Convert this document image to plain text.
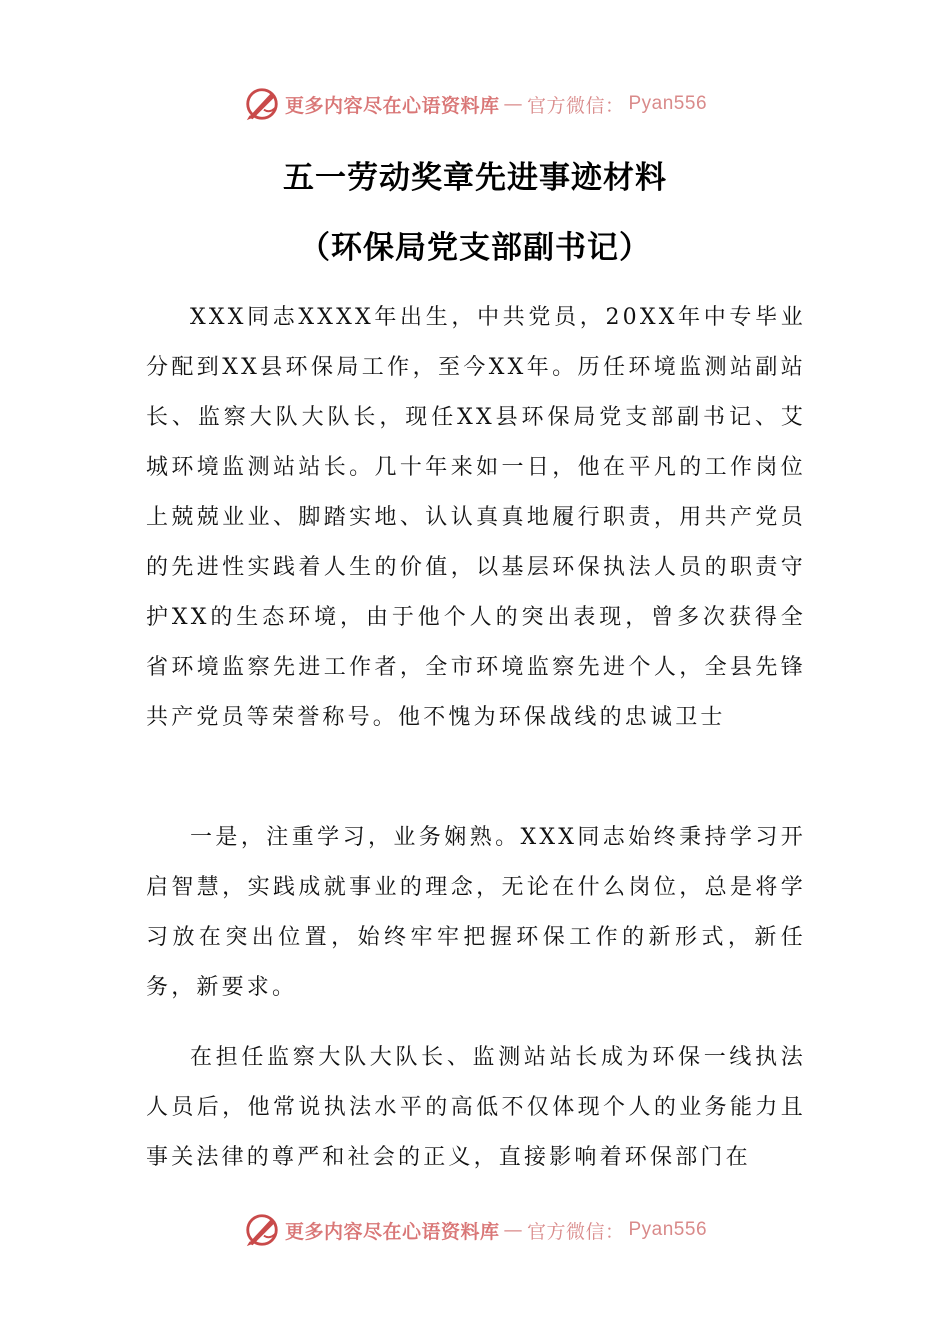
更多内容尽在心语资料库 — 官方微信： Pyan556
五一劳动奖章先进事迹材料
（环保局党支部副书记）

XXX同志XXXX年出生，中共党员，20XX年中专毕业分配到XX县环保局工作，至今XX年。历任环境监测站副站长、监察大队大队长，现任XX县环保局党支部副书记、艾城环境监测站站长。几十年来如一日，他在平凡的工作岗位上兢兢业业、脚踏实地、认认真真地履行职责，用共产党员的先进性实践着人生的价值，以基层环保执法人员的职责守护XX的生态环境，由于他个人的突出表现，曾多次获得全省环境监察先进工作者，全市环境监察先进个人，全县先锋共产党员等荣誉称号。他不愧为环保战线的忠诚卫士

一是，注重学习，业务娴熟。XXX同志始终秉持学习开启智慧，实践成就事业的理念，无论在什么岗位，总是将学习放在突出位置，始终牢牢把握环保工作的新形式，新任务，新要求。

在担任监察大队大队长、监测站站长成为环保一线执法人员后，他常说执法水平的高低不仅体现个人的业务能力且事关法律的尊严和社会的正义，直接影响着环保部门在

更多内容尽在心语资料库 — 官方微信： Pyan556
